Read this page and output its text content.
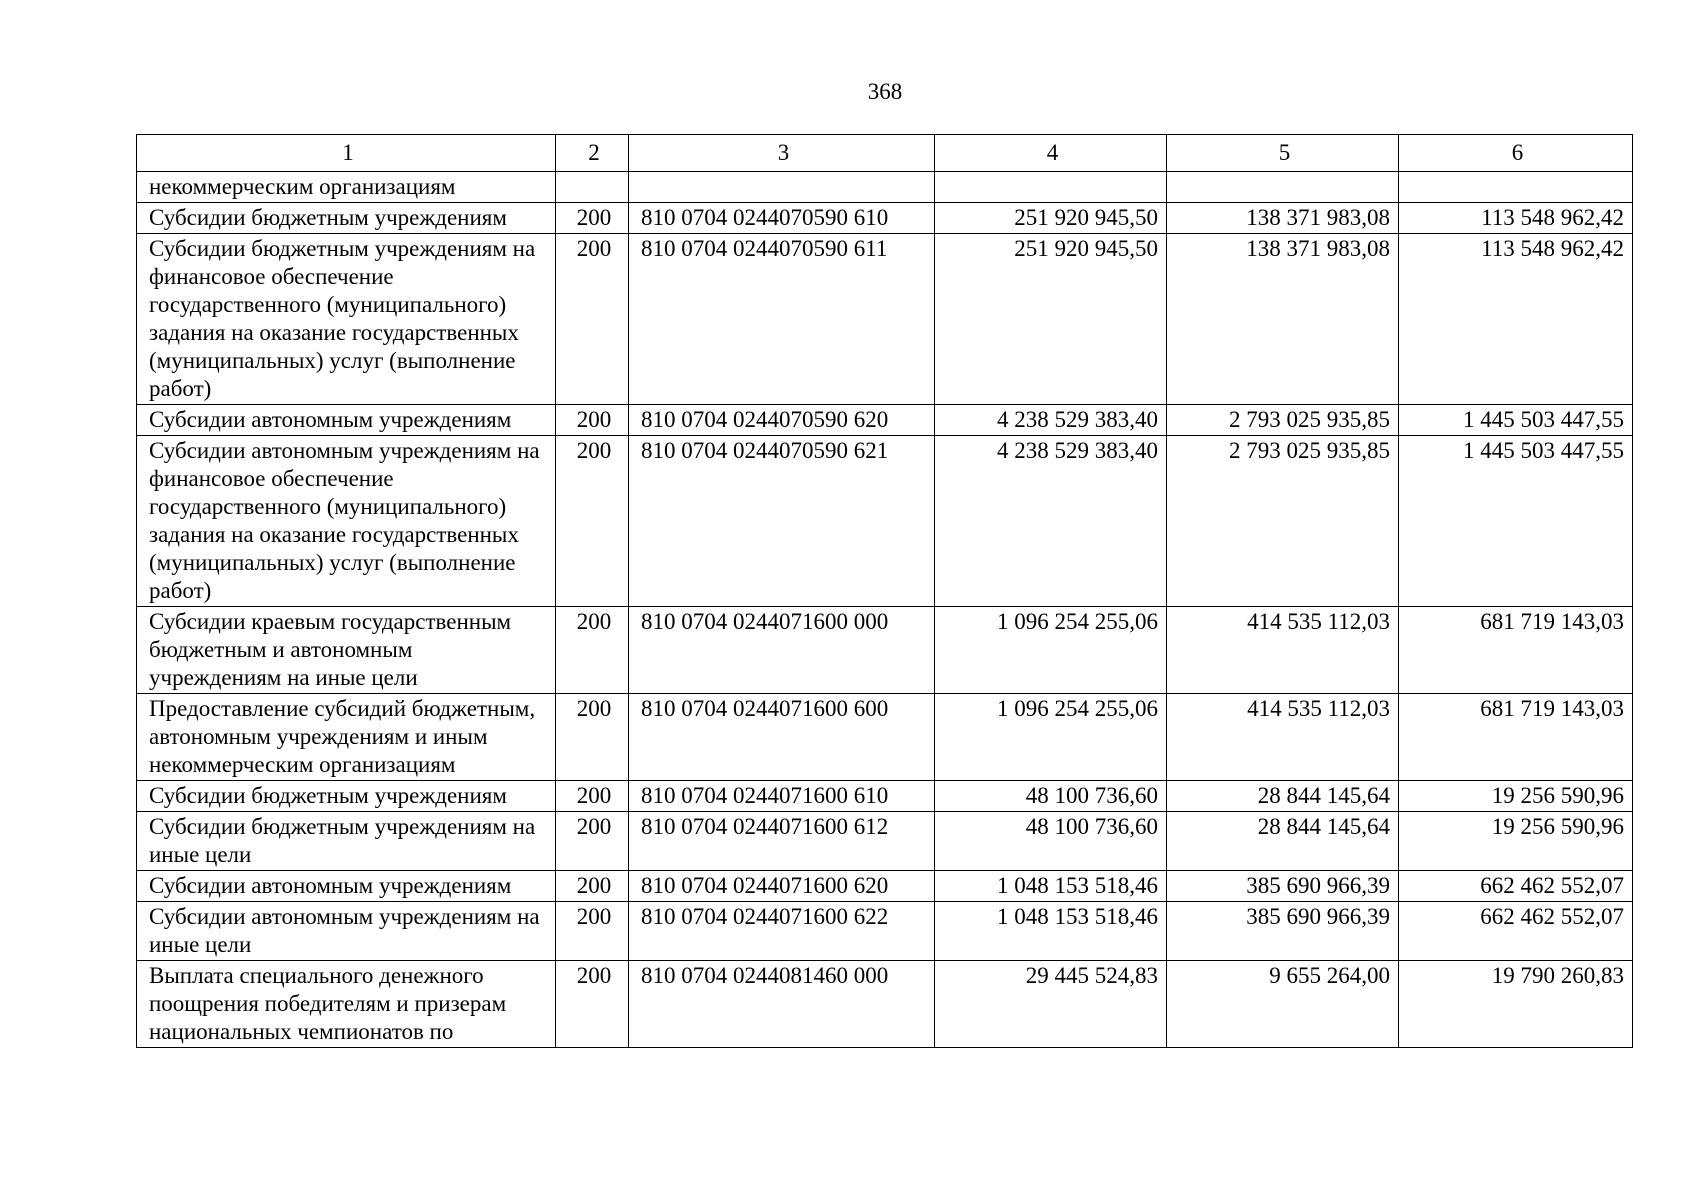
368
1	2	3	4	5	6
некоммерческим организациям					
Субсидии бюджетным учреждениям	200	810 0704 0244070590 610	251 920 945,50	138 371 983,08	113 548 962,42
Субсидии бюджетным учреждениям на финансовое обеспечение государственного (муниципального) задания на оказание государственных (муниципальных) услуг (выполнение работ)	200	810 0704 0244070590 611	251 920 945,50	138 371 983,08	113 548 962,42
Субсидии автономным учреждениям	200	810 0704 0244070590 620	4 238 529 383,40	2 793 025 935,85	1 445 503 447,55
Субсидии автономным учреждениям на финансовое обеспечение государственного (муниципального) задания на оказание государственных (муниципальных) услуг (выполнение работ)	200	810 0704 0244070590 621	4 238 529 383,40	2 793 025 935,85	1 445 503 447,55
Субсидии краевым государственным бюджетным и автономным учреждениям на иные цели	200	810 0704 0244071600 000	1 096 254 255,06	414 535 112,03	681 719 143,03
Предоставление субсидий бюджетным, автономным учреждениям и иным некоммерческим организациям	200	810 0704 0244071600 600	1 096 254 255,06	414 535 112,03	681 719 143,03
Субсидии бюджетным учреждениям	200	810 0704 0244071600 610	48 100 736,60	28 844 145,64	19 256 590,96
Субсидии бюджетным учреждениям на иные цели	200	810 0704 0244071600 612	48 100 736,60	28 844 145,64	19 256 590,96
Субсидии автономным учреждениям	200	810 0704 0244071600 620	1 048 153 518,46	385 690 966,39	662 462 552,07
Субсидии автономным учреждениям на иные цели	200	810 0704 0244071600 622	1 048 153 518,46	385 690 966,39	662 462 552,07
Выплата специального денежного поощрения победителям и призерам национальных чемпионатов по	200	810 0704 0244081460 000	29 445 524,83	9 655 264,00	19 790 260,83
